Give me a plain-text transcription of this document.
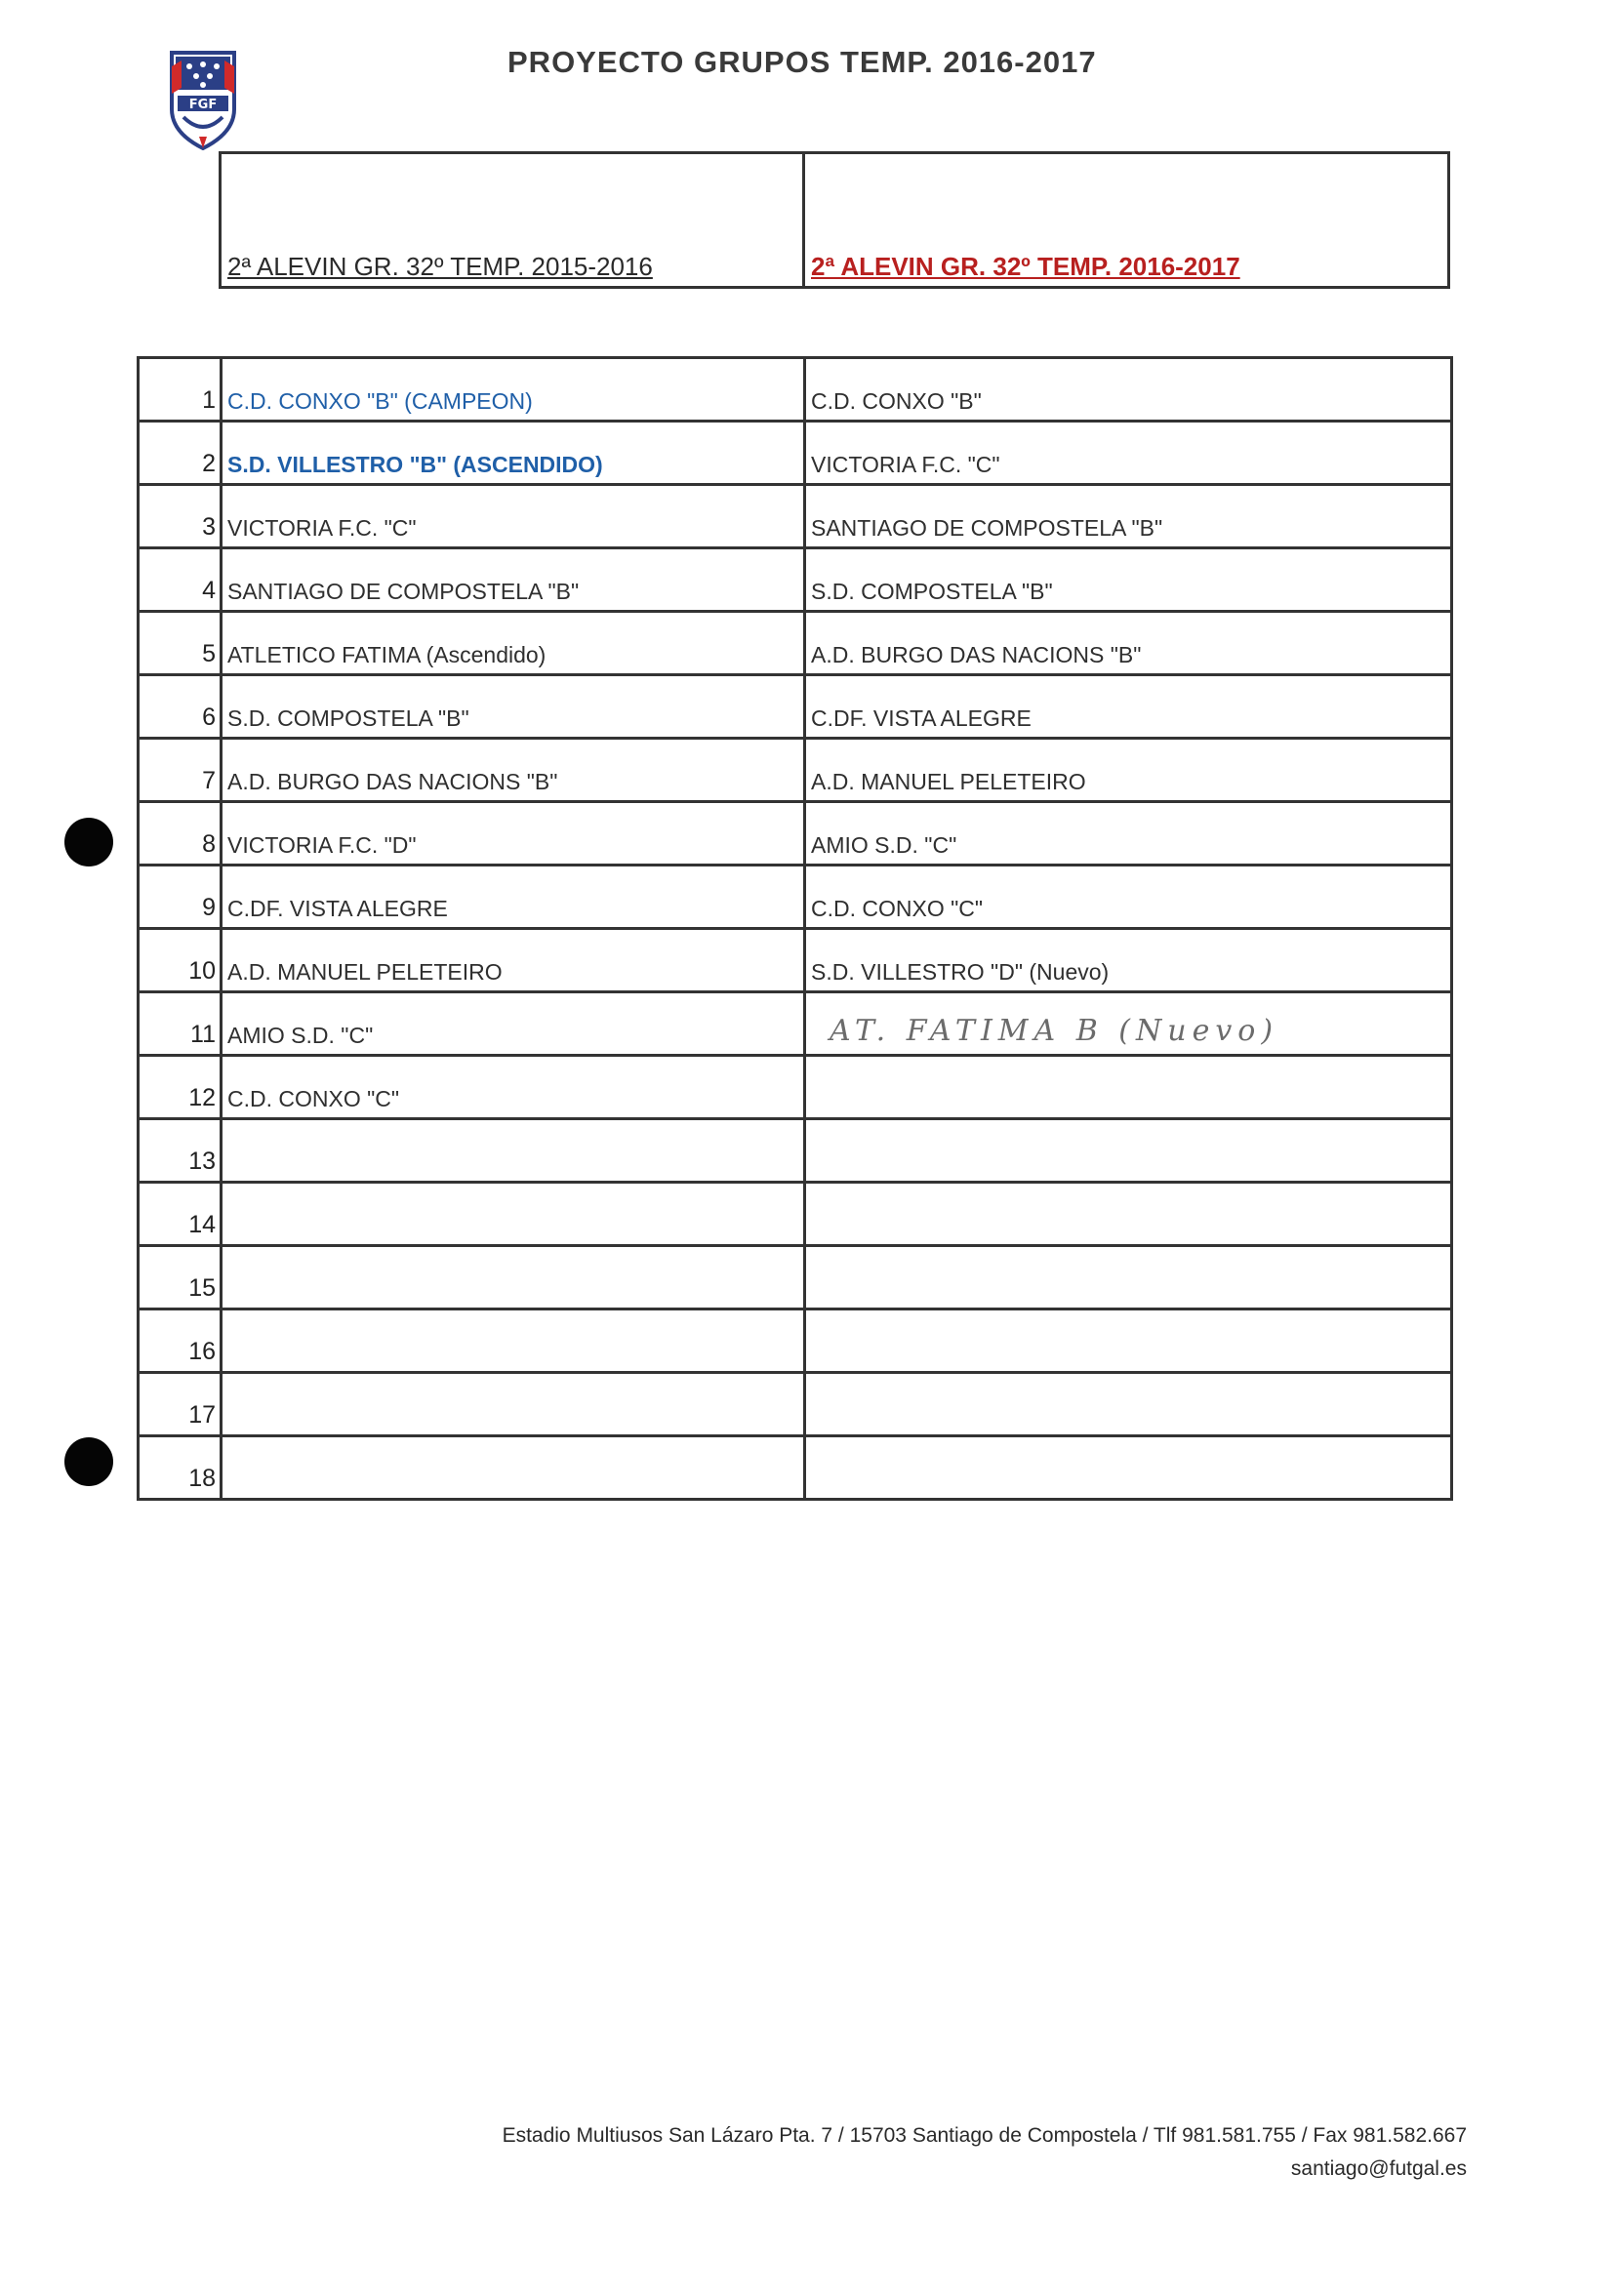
FGF
PROYECTO GRUPOS TEMP. 2016-2017
2ª ALEVIN GR. 32º TEMP. 2015-2016	2ª ALEVIN GR. 32º TEMP. 2016-2017
1	C.D. CONXO "B" (CAMPEON)	C.D. CONXO "B"
2	S.D. VILLESTRO "B" (ASCENDIDO)	VICTORIA F.C. "C"
3	VICTORIA F.C. "C"	SANTIAGO DE COMPOSTELA "B"
4	SANTIAGO DE COMPOSTELA "B"	S.D. COMPOSTELA "B"
5	ATLETICO FATIMA (Ascendido)	A.D. BURGO DAS NACIONS "B"
6	S.D. COMPOSTELA "B"	C.DF. VISTA ALEGRE
7	A.D. BURGO DAS NACIONS "B"	A.D. MANUEL PELETEIRO
8	VICTORIA F.C. "D"	AMIO S.D. "C"
9	C.DF. VISTA ALEGRE	C.D. CONXO "C"
10	A.D. MANUEL PELETEIRO	S.D. VILLESTRO "D" (Nuevo)
11	AMIO S.D. "C"	AT. FATIMA B (Nuevo)
12	C.D. CONXO "C"	
13		
14		
15		
16		
17		
18		
Estadio Multiusos San Lázaro Pta. 7 / 15703 Santiago de Compostela / Tlf 981.581.755 / Fax 981.582.667
santiago@futgal.es
